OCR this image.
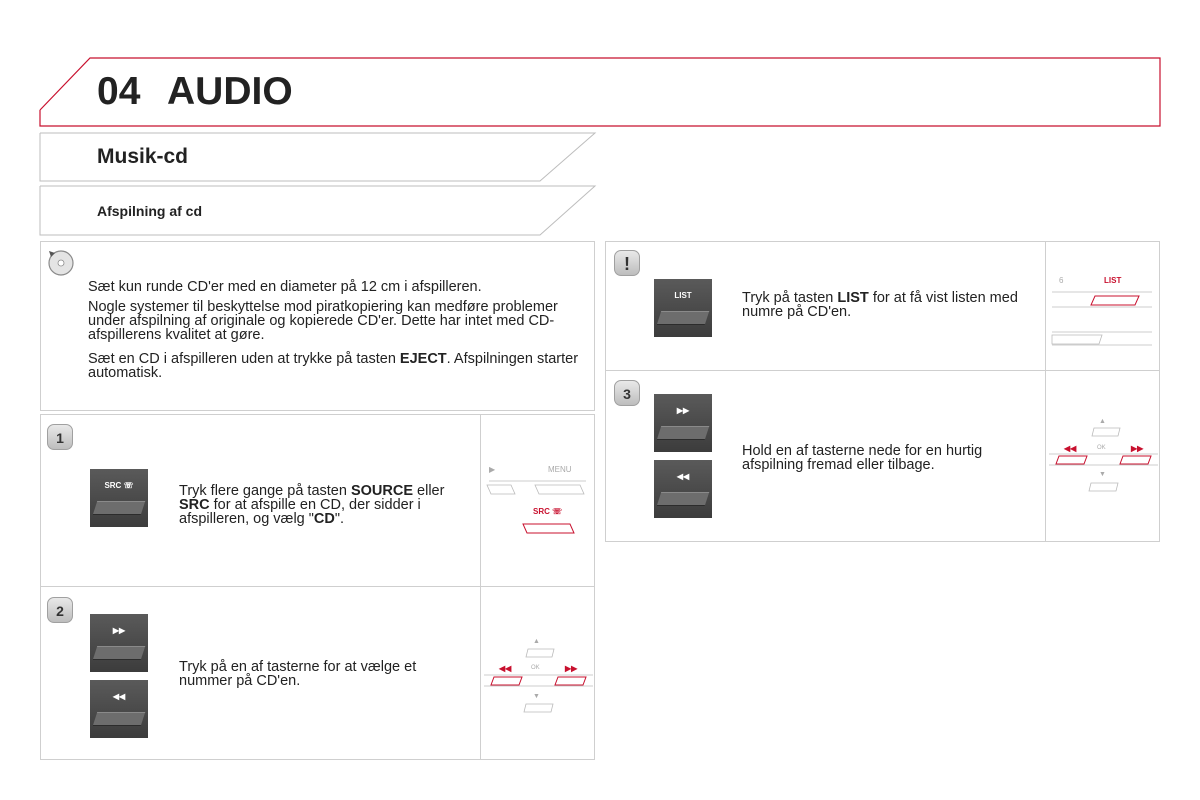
04 AUDIO
Musik-cd
Afspilning af cd
Sæt kun runde CD'er med en diameter på 12 cm i afspilleren.
Nogle systemer til beskyttelse mod piratkopiering kan medføre problemer under afspilning af originale og kopierede CD'er. Dette har intet med CD-afspillerens kvalitet at gøre.
Sæt en CD i afspilleren uden at trykke på tasten EJECT. Afspilningen starter automatisk.
1
SRC ☏	Tryk flere gange på tasten SOURCE eller SRC for at afspille en CD, der sidder i afspilleren, og vælg "CD".
▶	MENU
SRC ☏
2
▶▶
◀◀
Tryk på en af tasterne for at vælge et nummer på CD'en.
▲
OK
◀◀	▶▶
▼
!
LIST	Tryk på tasten LIST for at få vist listen med numre på CD'en.
6	LIST
3
▶▶
◀◀
Hold en af tasterne nede for en hurtig afspilning fremad eller tilbage.
▲
OK
◀◀	▶▶
▼
